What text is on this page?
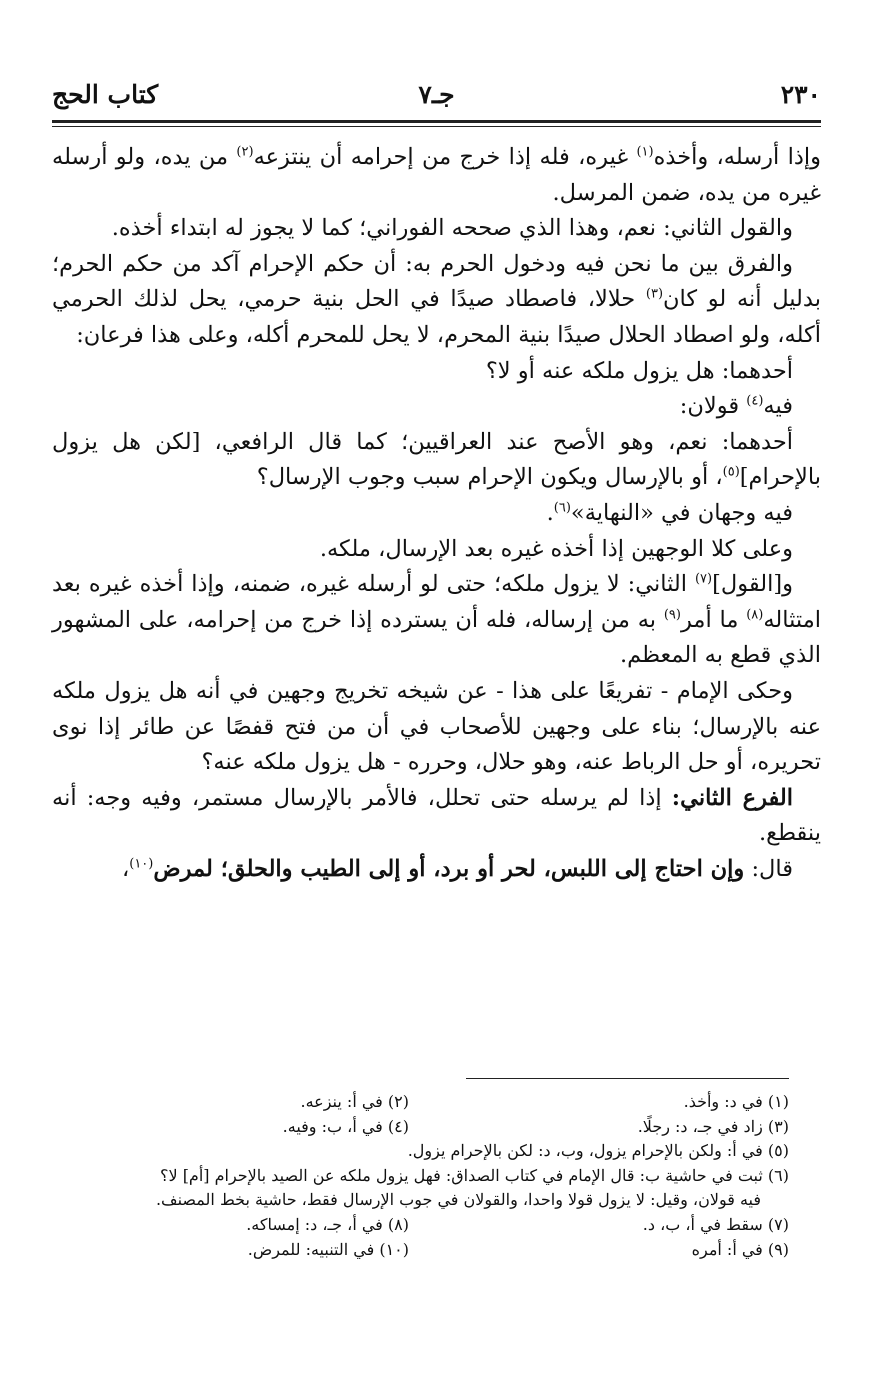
٢٣٠
جـ٧
كتاب الحج

وإذا أرسله، وأخذه$^{(١)}$ غيره، فله إذا خرج من إحرامه أن ينتزعه$^{(٢)}$ من يده، ولو أرسله غيره من يده، ضمن المرسل.

والقول الثاني: نعم، وهذا الذي صححه الفوراني؛ كما لا يجوز له ابتداء أخذه.

والفرق بين ما نحن فيه ودخول الحرم به: أن حكم الإحرام آكد من حكم الحرم؛ بدليل أنه لو كان$^{(٣)}$ حلالا، فاصطاد صيدًا في الحل بنية حرمي، يحل لذلك الحرمي أكله، ولو اصطاد الحلال صيدًا بنية المحرم، لا يحل للمحرم أكله، وعلى هذا فرعان:

أحدهما: هل يزول ملكه عنه أو لا؟

فيه$^{(٤)}$ قولان:

أحدهما: نعم، وهو الأصح عند العراقيين؛ كما قال الرافعي، [لكن هل يزول بالإحرام]$^{(٥)}$، أو بالإرسال ويكون الإحرام سبب وجوب الإرسال؟

فيه وجهان في «النهاية»$^{(٦)}$.

وعلى كلا الوجهين إذا أخذه غيره بعد الإرسال، ملكه.

و[القول]$^{(٧)}$ الثاني: لا يزول ملكه؛ حتى لو أرسله غيره، ضمنه، وإذا أخذه غيره بعد امتثاله$^{(٨)}$ ما أمر$^{(٩)}$ به من إرساله، فله أن يسترده إذا خرج من إحرامه، على المشهور الذي قطع به المعظم.

وحكى الإمام - تفريعًا على هذا - عن شيخه تخريج وجهين في أنه هل يزول ملكه عنه بالإرسال؛ بناء على وجهين للأصحاب في أن من فتح قفصًا عن طائر إذا نوى تحريره، أو حل الرباط عنه، وهو حلال، وحرره - هل يزول ملكه عنه؟

الفرع الثاني: إذا لم يرسله حتى تحلل، فالأمر بالإرسال مستمر، وفيه وجه: أنه ينقطع.

قال: وإن احتاج إلى اللبس، لحر أو برد، أو إلى الطيب والحلق؛ لمرض$^{(١٠)}$،

(١) في د: وأخذ.
(٢) في أ: ينزعه.
(٣) زاد في جـ، د: رجلًا.
(٤) في أ، ب: وفيه.

(٥) في أ: ولكن بالإحرام يزول، وب، د: لكن بالإحرام يزول.

(٦) ثبت في حاشية ب: قال الإمام في كتاب الصداق: فهل يزول ملكه عن الصيد بالإحرام [أم] لا؟

فيه قولان، وقيل: لا يزول قولا واحدا، والقولان في جوب الإرسال فقط، حاشية بخط المصنف.

(٧) سقط في أ، ب، د.
(٨) في أ، جـ، د: إمساكه.
(٩) في أ: أمره
(١٠) في التنبيه: للمرض.
